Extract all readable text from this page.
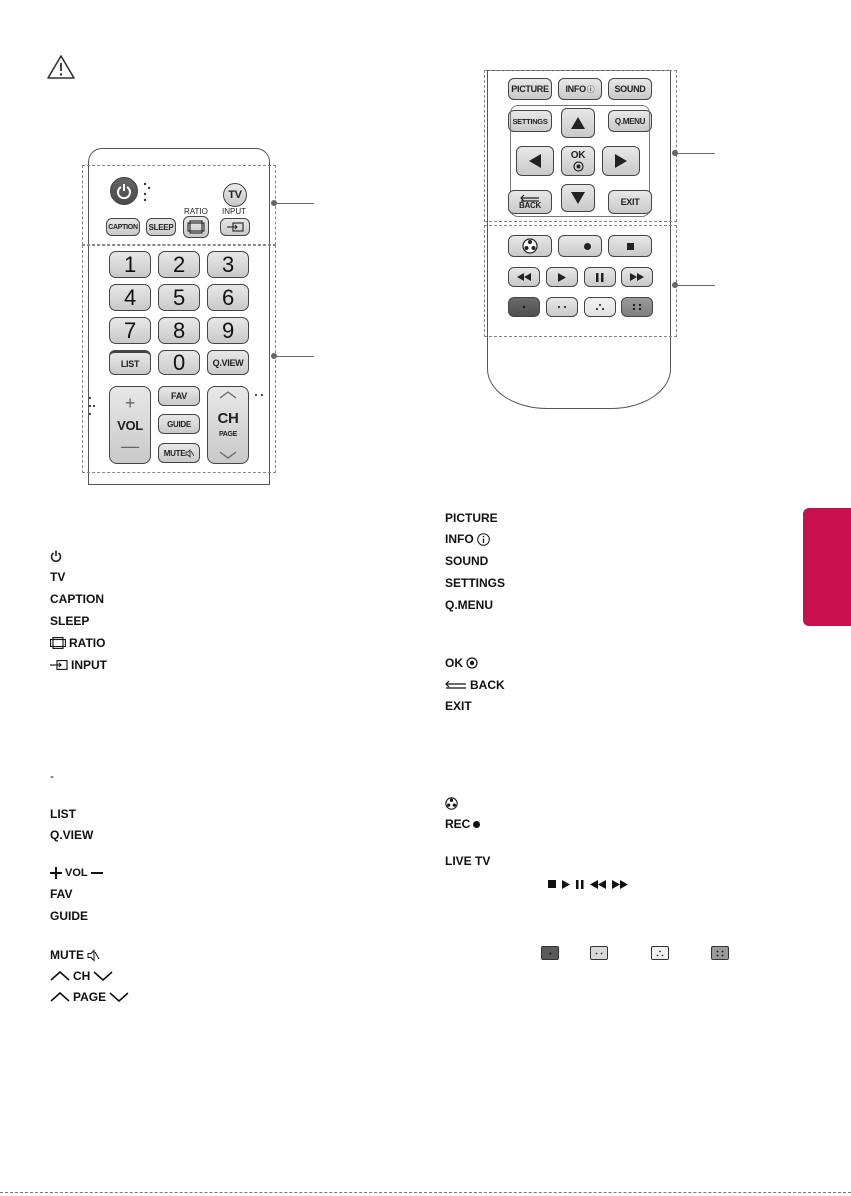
TV
CAPTION	SLEEP
RATIO INPUT
1	2	3
4	5	6
7	8	9
LIST	0	Q.VIEW
+
VOL
—
FAV
GUIDE
MUTE
CH
PAGE
PICTURE	INFO ⓘ	SOUND
SETTINGS	Q.MENU
OK
BACK	EXIT
TV
CAPTION
SLEEP
RATIO
INPUT
-
LIST
Q.VIEW
VOL
FAV
GUIDE
MUTE
CH
PAGE
PICTURE
INFO
SOUND
SETTINGS
Q.MENU
OK
BACK
EXIT
REC
LIVE TV
